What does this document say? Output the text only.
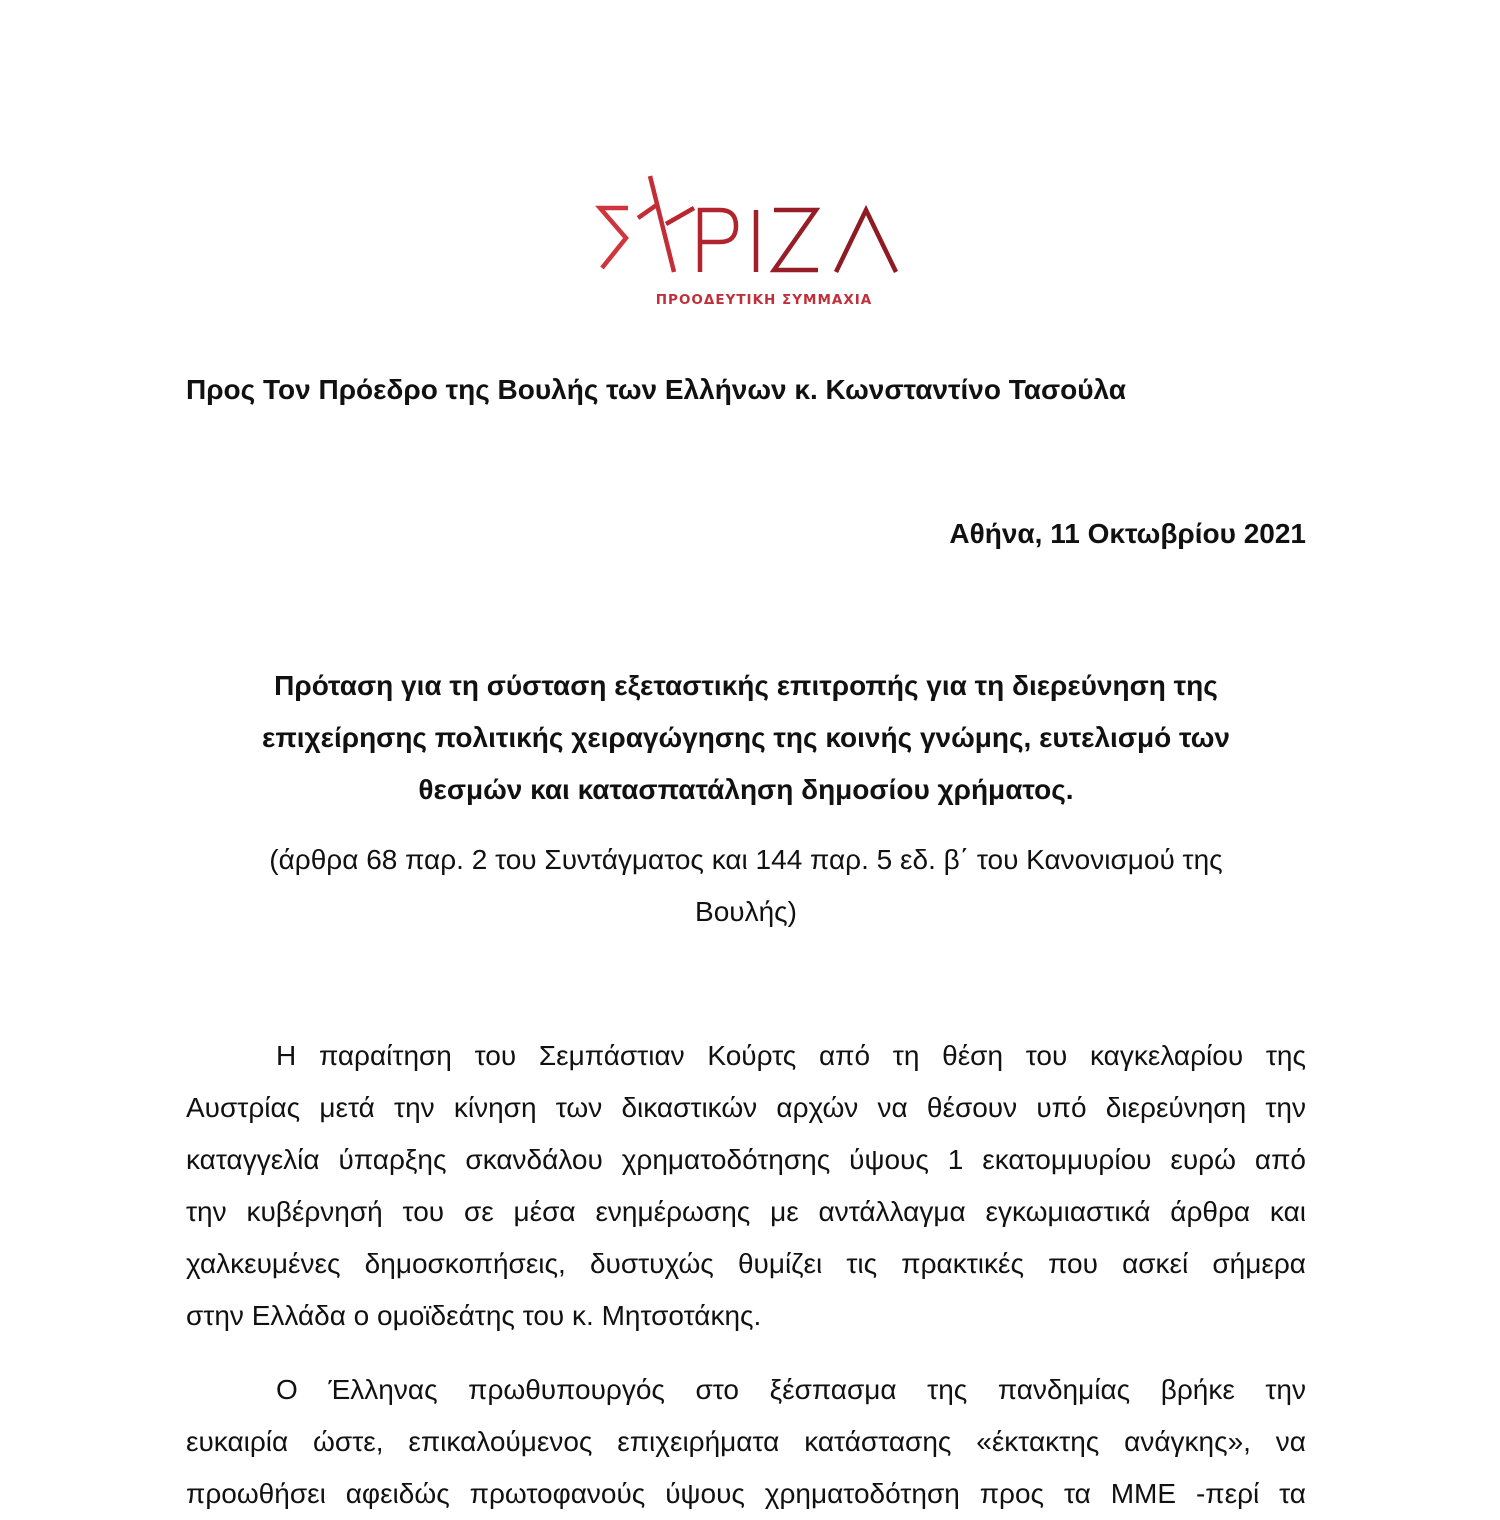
ΠΡΟΟΔΕΥΤΙΚΗ ΣΥΜΜΑΧΙΑ
Προς Τον Πρόεδρο της Βουλής των Ελλήνων κ. Κωνσταντίνο Τασούλα
Αθήνα, 11 Οκτωβρίου 2021
Πρόταση για τη σύσταση εξεταστικής επιτροπής για τη διερεύνηση της
επιχείρησης πολιτικής χειραγώγησης της κοινής γνώμης, ευτελισμό των
θεσμών και κατασπατάληση δημοσίου χρήματος.
(άρθρα 68 παρ. 2 του Συντάγματος και 144 παρ. 5 εδ. β΄ του Κανονισμού της
Βουλής)
Η παραίτηση του Σεμπάστιαν Κούρτς από τη θέση του καγκελαρίου της
Αυστρίας μετά την κίνηση των δικαστικών αρχών να θέσουν υπό διερεύνηση την
καταγγελία ύπαρξης σκανδάλου χρηματοδότησης ύψους 1 εκατομμυρίου ευρώ από
την κυβέρνησή του σε μέσα ενημέρωσης με αντάλλαγμα εγκωμιαστικά άρθρα και
χαλκευμένες δημοσκοπήσεις, δυστυχώς θυμίζει τις πρακτικές που ασκεί σήμερα
στην Ελλάδα ο ομοϊδεάτης του κ. Μητσοτάκης.
Ο Έλληνας πρωθυπουργός στο ξέσπασμα της πανδημίας βρήκε την
ευκαιρία ώστε, επικαλούμενος επιχειρήματα κατάστασης «έκτακτης ανάγκης», να
προωθήσει αφειδώς πρωτοφανούς ύψους χρηματοδότηση προς τα ΜΜΕ -περί τα
